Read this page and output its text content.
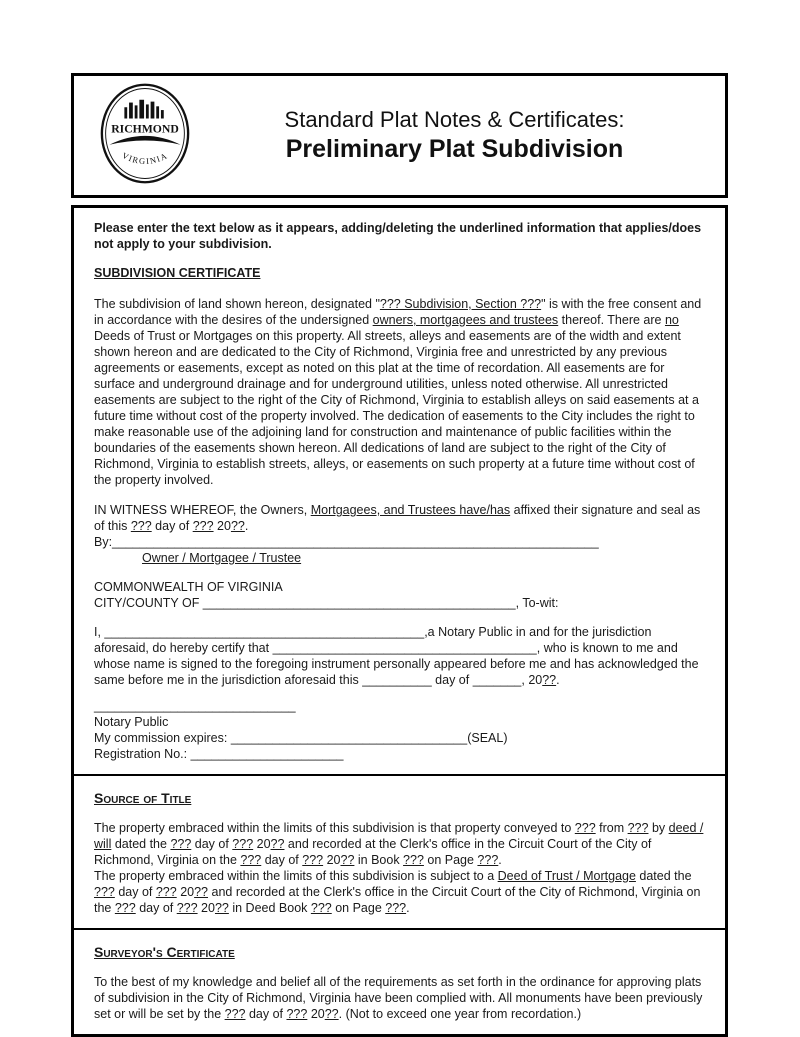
RICHMOND
VIRGINIA
Standard Plat Notes & Certificates:
Preliminary Plat Subdivision

Please enter the text below as it appears, adding/deleting the underlined information that applies/does not apply to your subdivision.

SUBDIVISION CERTIFICATE

The subdivision of land shown hereon, designated "??? Subdivision, Section ???" is with the free consent and in accordance with the desires of the undersigned owners, mortgagees and trustees thereof. There are no Deeds of Trust or Mortgages on this property. All streets, alleys and easements are of the width and extent shown hereon and are dedicated to the City of Richmond, Virginia free and unrestricted by any previous agreements or easements, except as noted on this plat at the time of recordation. All easements are for surface and underground drainage and for underground utilities, unless noted otherwise. All unrestricted easements are subject to the right of the City of Richmond, Virginia to establish alleys on said easements at a future time without cost of the property involved. The dedication of easements to the City includes the right to make reasonable use of the adjoining land for construction and maintenance of public facilities within the boundaries of the easements shown hereon. All dedications of land are subject to the right of the City of Richmond, Virginia to establish streets, alleys, or easements on such property at a future time without cost of the property involved.

IN WITNESS WHEREOF, the Owners, Mortgagees, and Trustees have/has affixed their signature and seal as of this ??? day of ??? 20??.

By:______________________________________________________________________
Owner / Mortgagee / Trustee
COMMONWEALTH OF VIRGINIA
CITY/COUNTY OF _____________________________________________, To-wit:

I, ______________________________________________,a Notary Public in and for the jurisdiction aforesaid, do hereby certify that ______________________________________, who is known to me and whose name is signed to the foregoing instrument personally appeared before me and has acknowledged the same before me in the jurisdiction aforesaid this __________ day of _______, 20??.

_____________________________
Notary Public
My commission expires: __________________________________(SEAL)
Registration No.: ______________________
Source of Title

The property embraced within the limits of this subdivision is that property conveyed to ??? from ??? by deed / will dated the ??? day of ??? 20?? and recorded at the Clerk's office in the Circuit Court of the City of Richmond, Virginia on the ??? day of ??? 20?? in Book ??? on Page ???.

The property embraced within the limits of this subdivision is subject to a Deed of Trust / Mortgage dated the ??? day of ??? 20?? and recorded at the Clerk's office in the Circuit Court of the City of Richmond, Virginia on the ??? day of ??? 20?? in Deed Book ??? on Page ???.

Surveyor's Certificate

To the best of my knowledge and belief all of the requirements as set forth in the ordinance for approving plats of subdivision in the City of Richmond, Virginia have been complied with. All monuments have been previously set or will be set by the ??? day of ??? 20??. (Not to exceed one year from recordation.)
